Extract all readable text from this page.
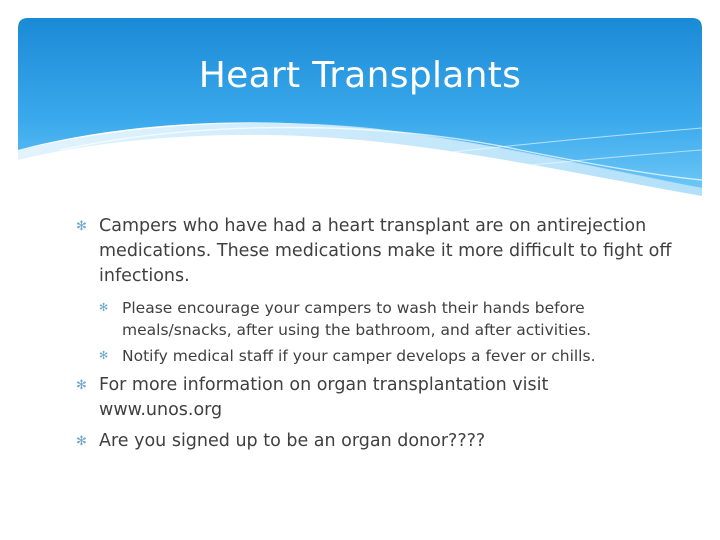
Heart Transplants
✻ Campers who have had a heart transplant are on antirejection medications. These medications make it more difficult to fight off infections.
✻ Please encourage your campers to wash their hands before meals/snacks, after using the bathroom, and after activities.
✻ Notify medical staff if your camper develops a fever or chills.
✻ For more information on organ transplantation visit www.unos.org
✻ Are you signed up to be an organ donor????
